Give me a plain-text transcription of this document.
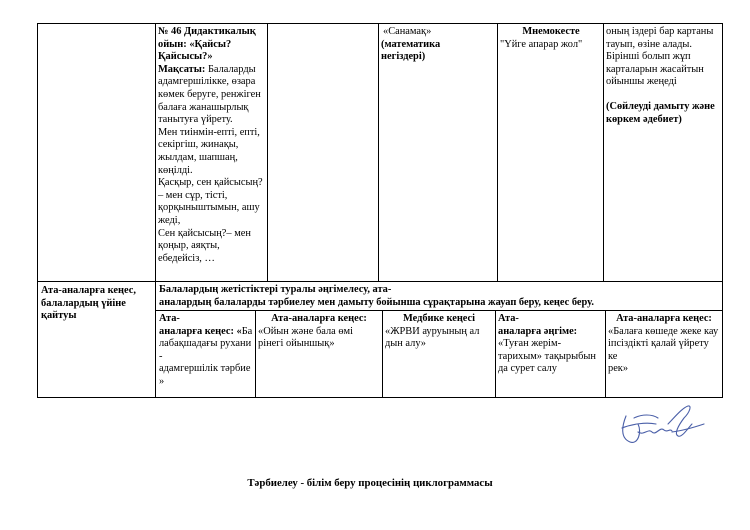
№ 46 Дидактикалық ойын: «Қайсы? Қайсысы?»

Мақсаты: Балаларды адамгершілікке, өзара көмек беруге, ренжіген балаға жанашырлық танытуға үйрету.

Мен тиінмін-епті, епті,
секіргіш, жинақы,
жылдам, шапшаң,
көңілді.
Қасқыр, сен қайсысың?
– мен сұр, тісті,
қорқыныштымын, ашу
жеді,
Сен қайсысың?– мен
қоңыр, аяқты,
ебедейсіз, …

«Санамақ»

(математика
негіздері)

Мнемокесте

"Үйге апарар жол"

оның іздері бар картаны тауып, өзіне алады. Бірінші болып жұп карталарын жасайтын ойыншы жеңеді

(Сөйлеуді дамыту және көркем әдебиет)

Ата-аналарға кеңес,
балалардың үйіне
қайтуы

Балалардың жетістіктері туралы әңгімелесу, ата-
аналардың балаларды тәрбиелеу мен дамыту бойынша сұрақтарына жауап беру, кеңес беру.

Ата-
аналарға кеңес: «Ба
лабақшадағы рухани
-
адамгершілік тәрбие
»

Ата-аналарға кеңес:

«Ойын және бала өмі
рінегі ойыншық»

Медбике кеңесі

«ЖРВИ ауруының ал
дын алу»

Ата-
аналарға әңгіме:

«Туған жерім-
тарихым» тақырыбын
да сурет салу

Ата-аналарға кеңес:

«Балаға көшеде жеке кау
іпсіздікті қалай үйрету ке
рек»

Тәрбиелеу - білім беру процесінің циклограммасы
